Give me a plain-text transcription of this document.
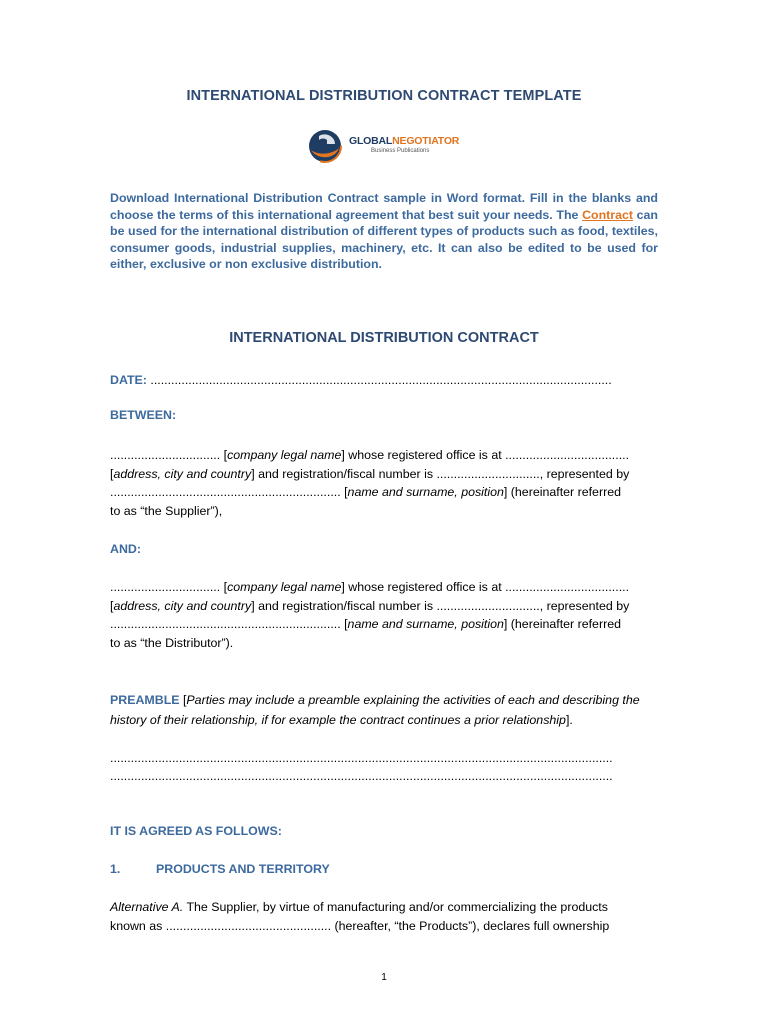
INTERNATIONAL DISTRIBUTION CONTRACT TEMPLATE
GLOBALNEGOTIATOR
Business Publications
Download International Distribution Contract sample in Word format. Fill in the blanks and choose the terms of this international agreement that best suit your needs. The Contract can be used for the international distribution of different types of products such as food, textiles, consumer goods, industrial supplies, machinery, etc. It can also be edited to be used for either, exclusive or non exclusive distribution.
INTERNATIONAL DISTRIBUTION CONTRACT
DATE: ......................................................................................................................................
BETWEEN:
................................ [company legal name] whose registered office is at ....................................
[address, city and country] and registration/fiscal number is .............................., represented by
................................................................... [name and surname, position] (hereinafter referred
to as “the Supplier”),
AND:
................................ [company legal name] whose registered office is at ....................................
[address, city and country] and registration/fiscal number is .............................., represented by
................................................................... [name and surname, position] (hereinafter referred
to as “the Distributor”).
PREAMBLE [Parties may include a preamble explaining the activities of each and describing the history of their relationship, if for example the contract continues a prior relationship].
..................................................................................................................................................
..................................................................................................................................................
IT IS AGREED AS FOLLOWS:
1.	PRODUCTS AND TERRITORY
Alternative A. The Supplier, by virtue of manufacturing and/or commercializing the products
known as ................................................ (hereafter, “the Products”), declares full ownership
1
